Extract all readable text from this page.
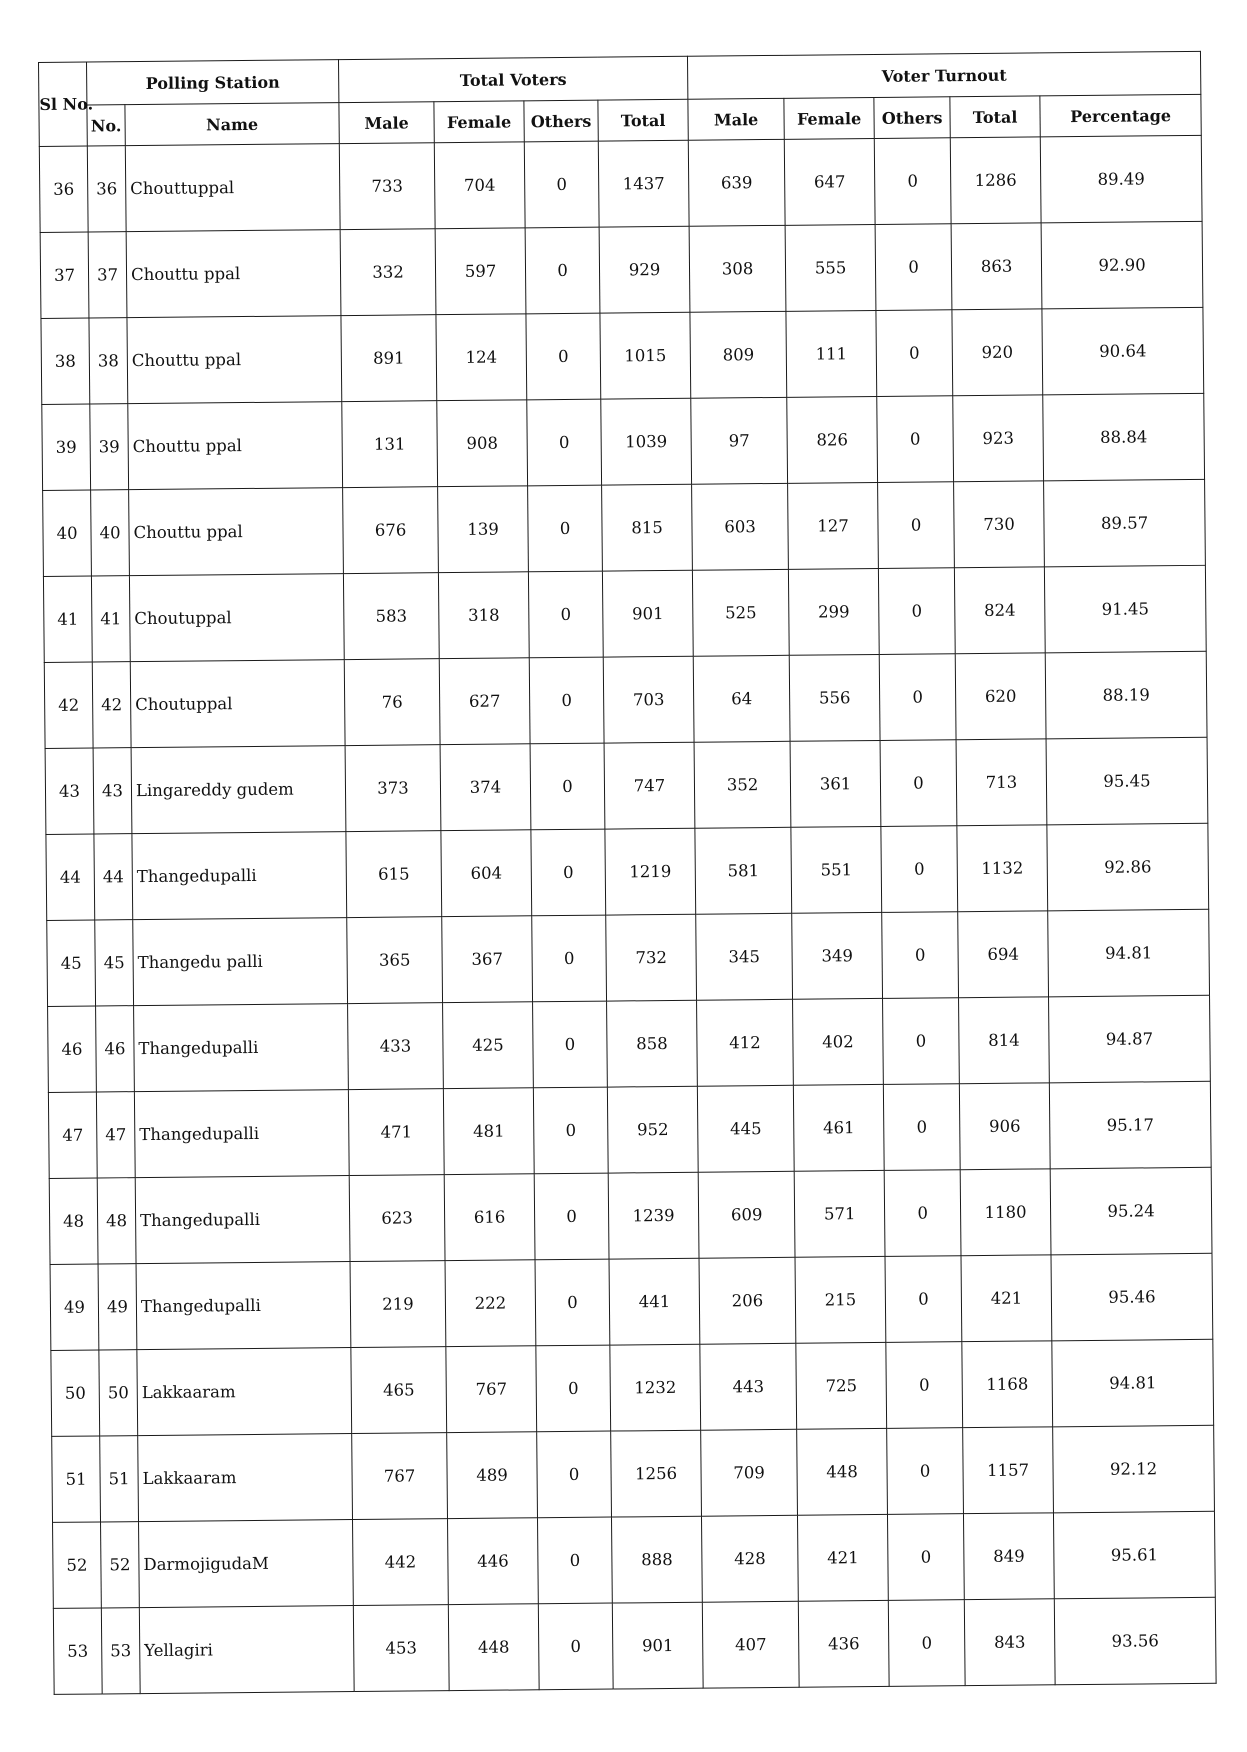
Sl No.	Polling Station		Total Voters				Voter Turnout				
	No.	Name	Male	Female	Others	Total	Male	Female	Others	Total	Percentage
36	36	Chouttuppal	733	704	0	1437	639	647	0	1286	89.49
37	37	Chouttu ppal	332	597	0	929	308	555	0	863	92.90
38	38	Chouttu ppal	891	124	0	1015	809	111	0	920	90.64
39	39	Chouttu ppal	131	908	0	1039	97	826	0	923	88.84
40	40	Chouttu ppal	676	139	0	815	603	127	0	730	89.57
41	41	Choutuppal	583	318	0	901	525	299	0	824	91.45
42	42	Choutuppal	76	627	0	703	64	556	0	620	88.19
43	43	Lingareddy gudem	373	374	0	747	352	361	0	713	95.45
44	44	Thangedupalli	615	604	0	1219	581	551	0	1132	92.86
45	45	Thangedu palli	365	367	0	732	345	349	0	694	94.81
46	46	Thangedupalli	433	425	0	858	412	402	0	814	94.87
47	47	Thangedupalli	471	481	0	952	445	461	0	906	95.17
48	48	Thangedupalli	623	616	0	1239	609	571	0	1180	95.24
49	49	Thangedupalli	219	222	0	441	206	215	0	421	95.46
50	50	Lakkaaram	465	767	0	1232	443	725	0	1168	94.81
51	51	Lakkaaram	767	489	0	1256	709	448	0	1157	92.12
52	52	DarmojigudaM	442	446	0	888	428	421	0	849	95.61
53	53	Yellagiri	453	448	0	901	407	436	0	843	93.56
